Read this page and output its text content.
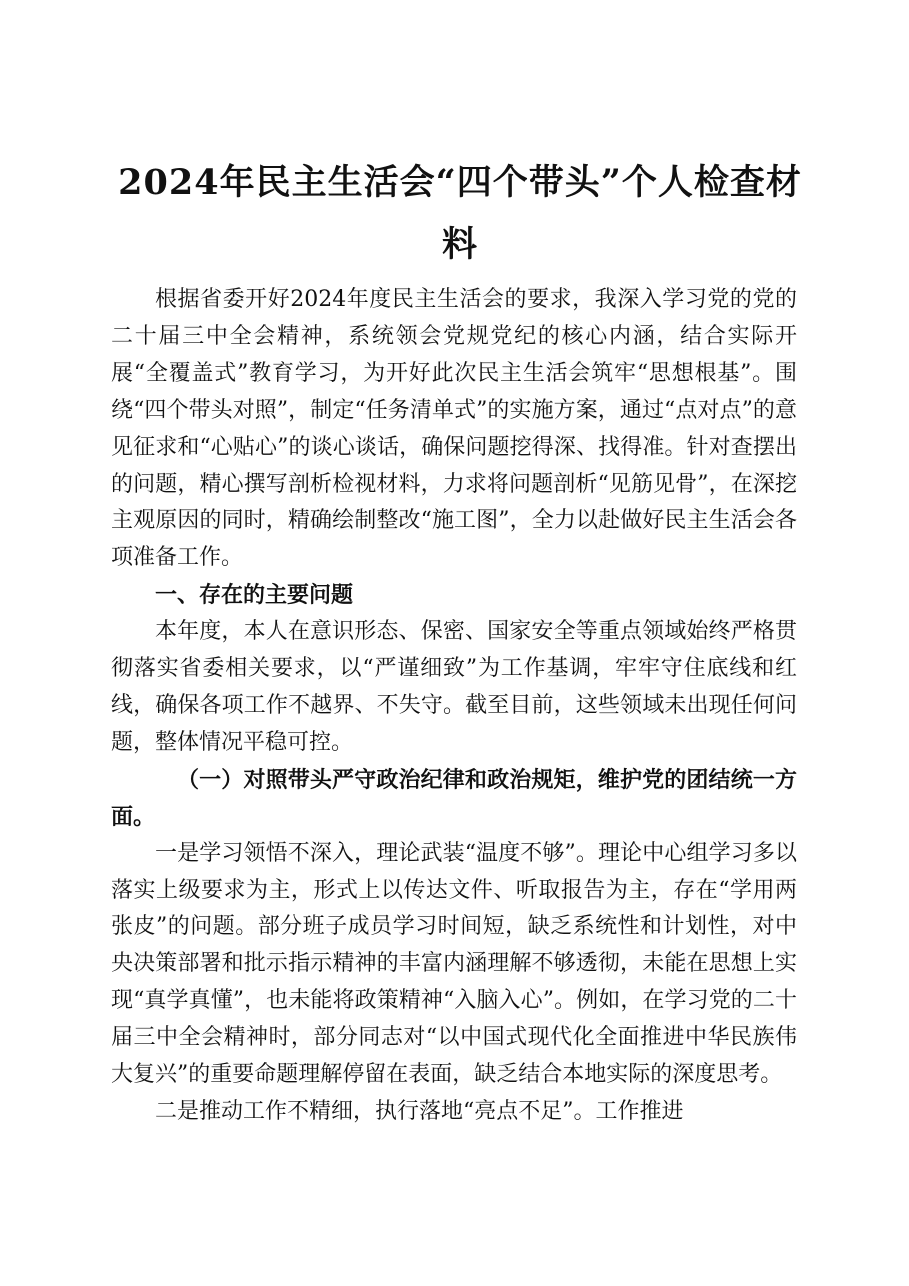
2024年民主生活会“四个带头”个人检查材料

根据省委开好2024年度民主生活会的要求，我深入学习党的党的二十届三中全会精神，系统领会党规党纪的核心内涵，结合实际开展“全覆盖式”教育学习，为开好此次民主生活会筑牢“思想根基”。围绕“四个带头对照”，制定“任务清单式”的实施方案，通过“点对点”的意见征求和“心贴心”的谈心谈话，确保问题挖得深、找得准。针对查摆出的问题，精心撰写剖析检视材料，力求将问题剖析“见筋见骨”，在深挖主观原因的同时，精确绘制整改“施工图”，全力以赴做好民主生活会各项准备工作。

一、存在的主要问题

本年度，本人在意识形态、保密、国家安全等重点领域始终严格贯彻落实省委相关要求，以“严谨细致”为工作基调，牢牢守住底线和红线，确保各项工作不越界、不失守。截至目前，这些领域未出现任何问题，整体情况平稳可控。

（一）对照带头严守政治纪律和政治规矩，维护党的团结统一方面。

一是学习领悟不深入，理论武装“温度不够”。理论中心组学习多以落实上级要求为主，形式上以传达文件、听取报告为主，存在“学用两张皮”的问题。部分班子成员学习时间短，缺乏系统性和计划性，对中央决策部署和批示指示精神的丰富内涵理解不够透彻，未能在思想上实现“真学真懂”，也未能将政策精神“入脑入心”。例如，在学习党的二十届三中全会精神时，部分同志对“以中国式现代化全面推进中华民族伟大复兴”的重要命题理解停留在表面，缺乏结合本地实际的深度思考。

二是推动工作不精细，执行落地“亮点不足”。工作推进
